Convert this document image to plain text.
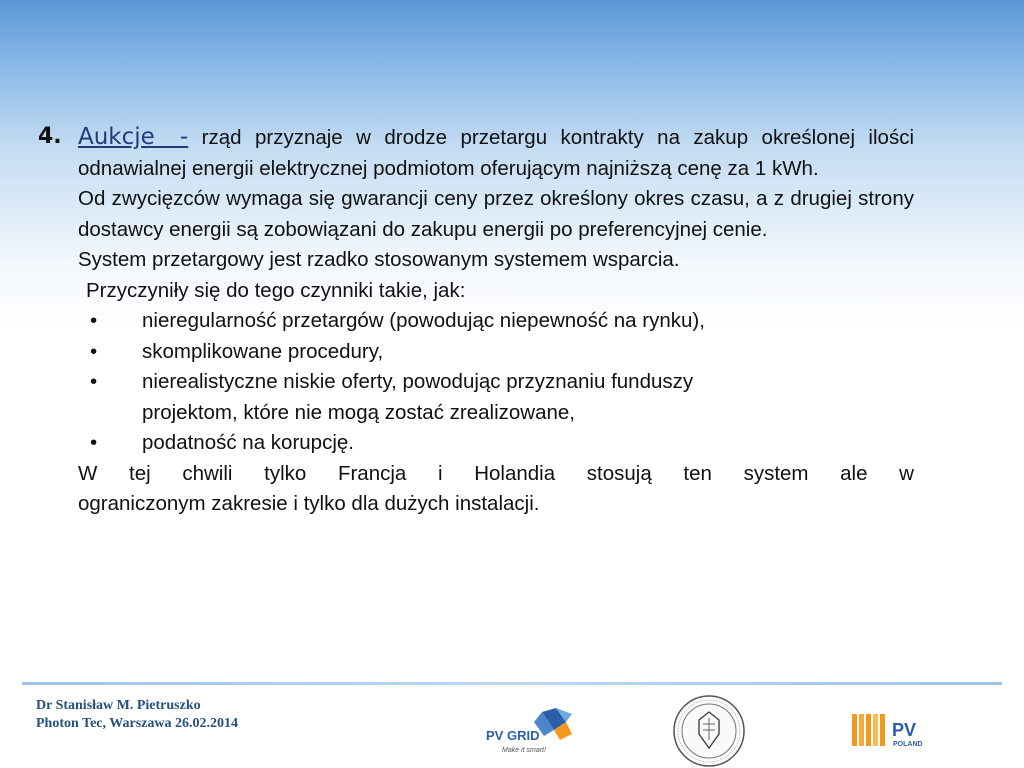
4. Aukcje - rząd przyznaje w drodze przetargu kontrakty na zakup określonej ilości odnawialnej energii elektrycznej podmiotom oferującym najniższą cenę za 1 kWh.
Od zwycięzców wymaga się gwarancji ceny przez określony okres czasu, a z drugiej strony dostawcy energii są zobowiązani do zakupu energii po preferencyjnej cenie.
System przetargowy jest rzadko stosowanym systemem wsparcia.
Przyczyniły się do tego czynniki takie, jak:
• nieregularność przetargów (powodując niepewność na rynku),
• skomplikowane procedury,
• nierealistyczne niskie oferty, powodując przyznaniu funduszy
projektom, które nie mogą zostać zrealizowane,
• podatność na korupcję.
W tej chwili tylko Francja i Holandia stosują ten system ale w
ograniczonym zakresie i tylko dla dużych instalacji.
Dr Stanisław M. Pietruszko
Photon Tec, Warszawa 26.02.2014
PV GRID
Make it smart!
PV
POLAND
